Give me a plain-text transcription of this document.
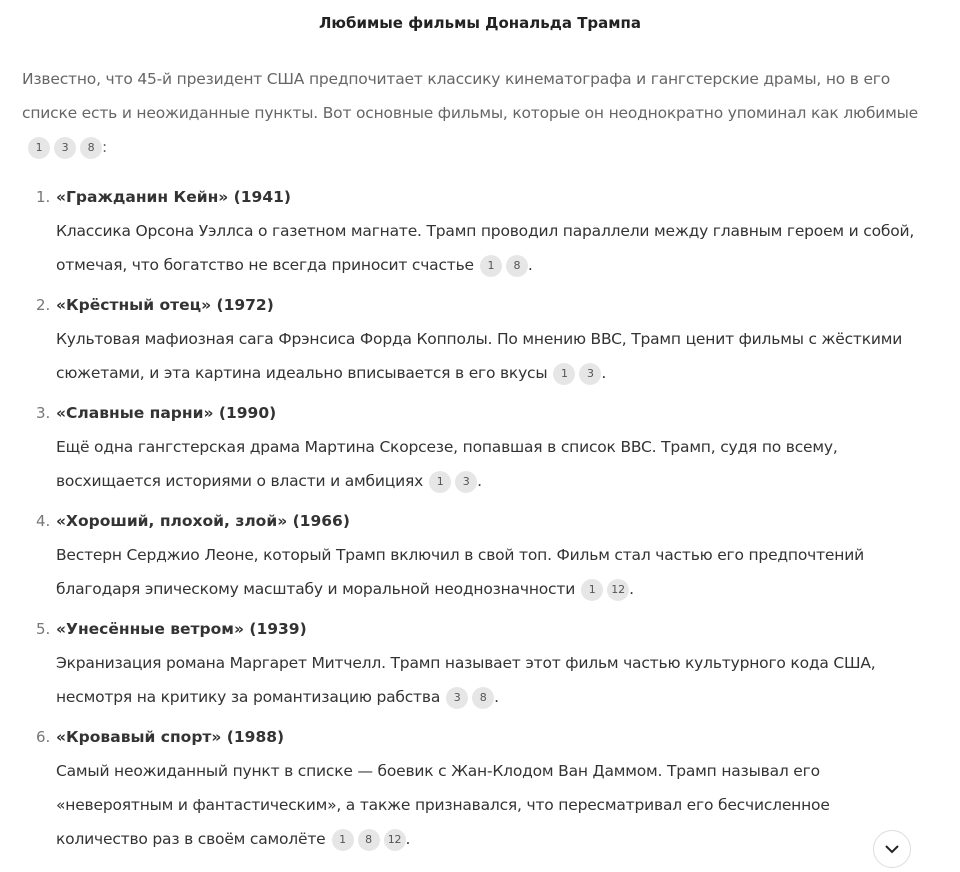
Любимые фильмы Дональда Трампа
Известно, что 45-й президент США предпочитает классику кинематографа и гангстерские драмы, но в его списке есть и неожиданные пункты. Вот основные фильмы, которые он неоднократно упоминал как любимые
1	3	8 :
1. «Гражданин Кейн» (1941)
Классика Орсона Уэллса о газетном магнате. Трамп проводил параллели между главным героем и собой, отмечая, что богатство не всегда приносит счастье	1	8 .
2. «Крёстный отец» (1972)
Культовая мафиозная сага Фрэнсиса Форда Копполы. По мнению BBC, Трамп ценит фильмы с жёсткими сюжетами, и эта картина идеально вписывается в его вкусы	1	3 .
3. «Славные парни» (1990)
Ещё одна гангстерская драма Мартина Скорсезе, попавшая в список BBC. Трамп, судя по всему, восхищается историями о власти и амбициях	1	3 .
4. «Хороший, плохой, злой» (1966)
Вестерн Серджио Леоне, который Трамп включил в свой топ. Фильм стал частью его предпочтений благодаря эпическому масштабу и моральной неоднозначности	1	12 .
5. «Унесённые ветром» (1939)
Экранизация романа Маргарет Митчелл. Трамп называет этот фильм частью культурного кода США, несмотря на критику за романтизацию рабства	3	8 .
6. «Кровавый спорт» (1988)
Самый неожиданный пункт в списке — боевик с Жан-Клодом Ван Даммом. Трамп называл его «невероятным и фантастическим», а также признавался, что пересматривал его бесчисленное количество раз в своём самолёте	1	8	12 .
